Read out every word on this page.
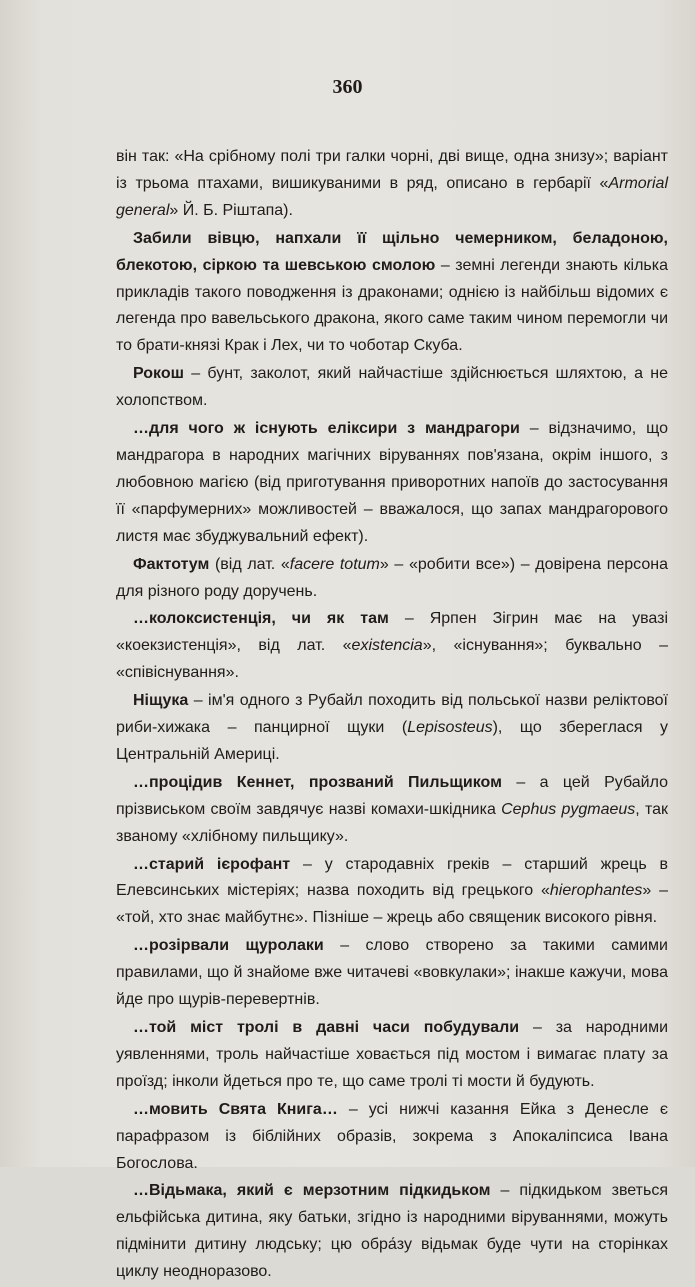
360

він так: «На срібному полі три галки чорні, дві вище, одна знизу»; варіант із трьома птахами, вишикуваними в ряд, описано в гербарії «Armorial general» Й. Б. Ріштапа).

Забили вівцю, напхали її щільно чемерником, беладоною, блекотою, сіркою та шевською смолою – земні легенди знають кілька прикладів такого поводження із драконами; однією із найбільш відомих є легенда про вавельського дракона, якого саме таким чином перемогли чи то брати-князі Крак і Лех, чи то чоботар Скуба.

Рокош – бунт, заколот, який найчастіше здійснюється шляхтою, а не холопством.

…для чого ж існують еліксири з мандрагори – відзначимо, що мандрагора в народних магічних віруваннях пов'язана, окрім іншого, з любовною магією (від приготування приворотних напоїв до застосування її «парфумерних» можливостей – вважалося, що запах мандрагорового листя має збуджувальний ефект).

Фактотум (від лат. «facere totum» – «робити все») – довірена персона для різного роду доручень.

…колоксистенція, чи як там – Ярпен Зігрин має на увазі «коекзистенція», від лат. «existencia», «існування»; буквально – «співіснування».

Ніщука – ім'я одного з Рубайл походить від польської назви реліктової риби-хижака – панцирної щуки (Lepisosteus), що збереглася у Центральній Америці.

…процідив Кеннет, прозваний Пильщиком – а цей Рубайло прізвиськом своїм завдячує назві комахи-шкідника Cephus pygmaeus, так званому «хлібному пильщику».

…старий ієрофант – у стародавніх греків – старший жрець в Елевсинських містеріях; назва походить від грецького «hierophantes» – «той, хто знає майбутнє». Пізніше – жрець або священик високого рівня.

…розірвали щуролаки – слово створено за такими самими правилами, що й знайоме вже читачеві «вовкулаки»; інакше кажучи, мова йде про щурів-перевертнів.

…той міст тролі в давні часи побудували – за народними уявленнями, троль найчастіше ховається під мостом і вимагає плату за проїзд; інколи йдеться про те, що саме тролі ті мости й будують.

…мовить Свята Книга… – усі нижчі казання Ейка з Денесле є парафразом із біблійних образів, зокрема з Апокаліпсиса Івана Богослова.

…Відьмака, який є мерзотним підкидьком – підкидьком зветься ельфійська дитина, яку батьки, згідно із народними віруваннями, можуть підмінити дитину людську; цю обра́зу відьмак буде чути на сторінках циклу неодноразово.
